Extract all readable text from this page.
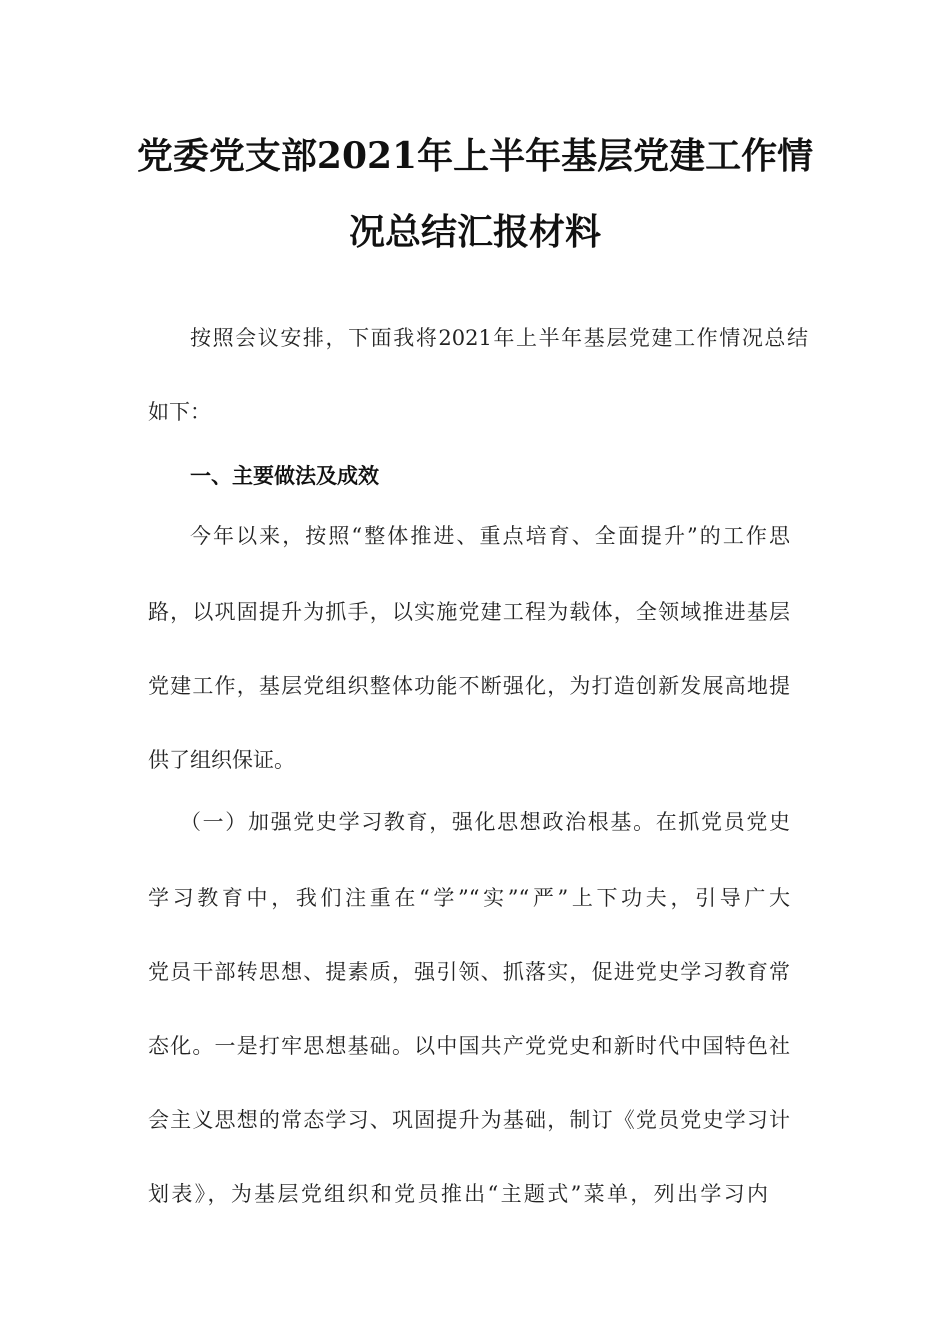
党委党支部2021年上半年基层党建工作情
况总结汇报材料
按照会议安排，下面我将2021年上半年基层党建工作情况总结
如下：
一、主要做法及成效
今年以来，按照“整体推进、重点培育、全面提升”的工作思
路，以巩固提升为抓手，以实施党建工程为载体，全领域推进基层
党建工作，基层党组织整体功能不断强化，为打造创新发展高地提
供了组织保证。
（一）加强党史学习教育，强化思想政治根基。在抓党员党史
学习教育中，我们注重在“学”“实”“严”上下功夫，引导广大
党员干部转思想、提素质，强引领、抓落实，促进党史学习教育常
态化。一是打牢思想基础。以中国共产党党史和新时代中国特色社
会主义思想的常态学习、巩固提升为基础，制订《党员党史学习计
划表》，为基层党组织和党员推出“主题式”菜单，列出学习内
